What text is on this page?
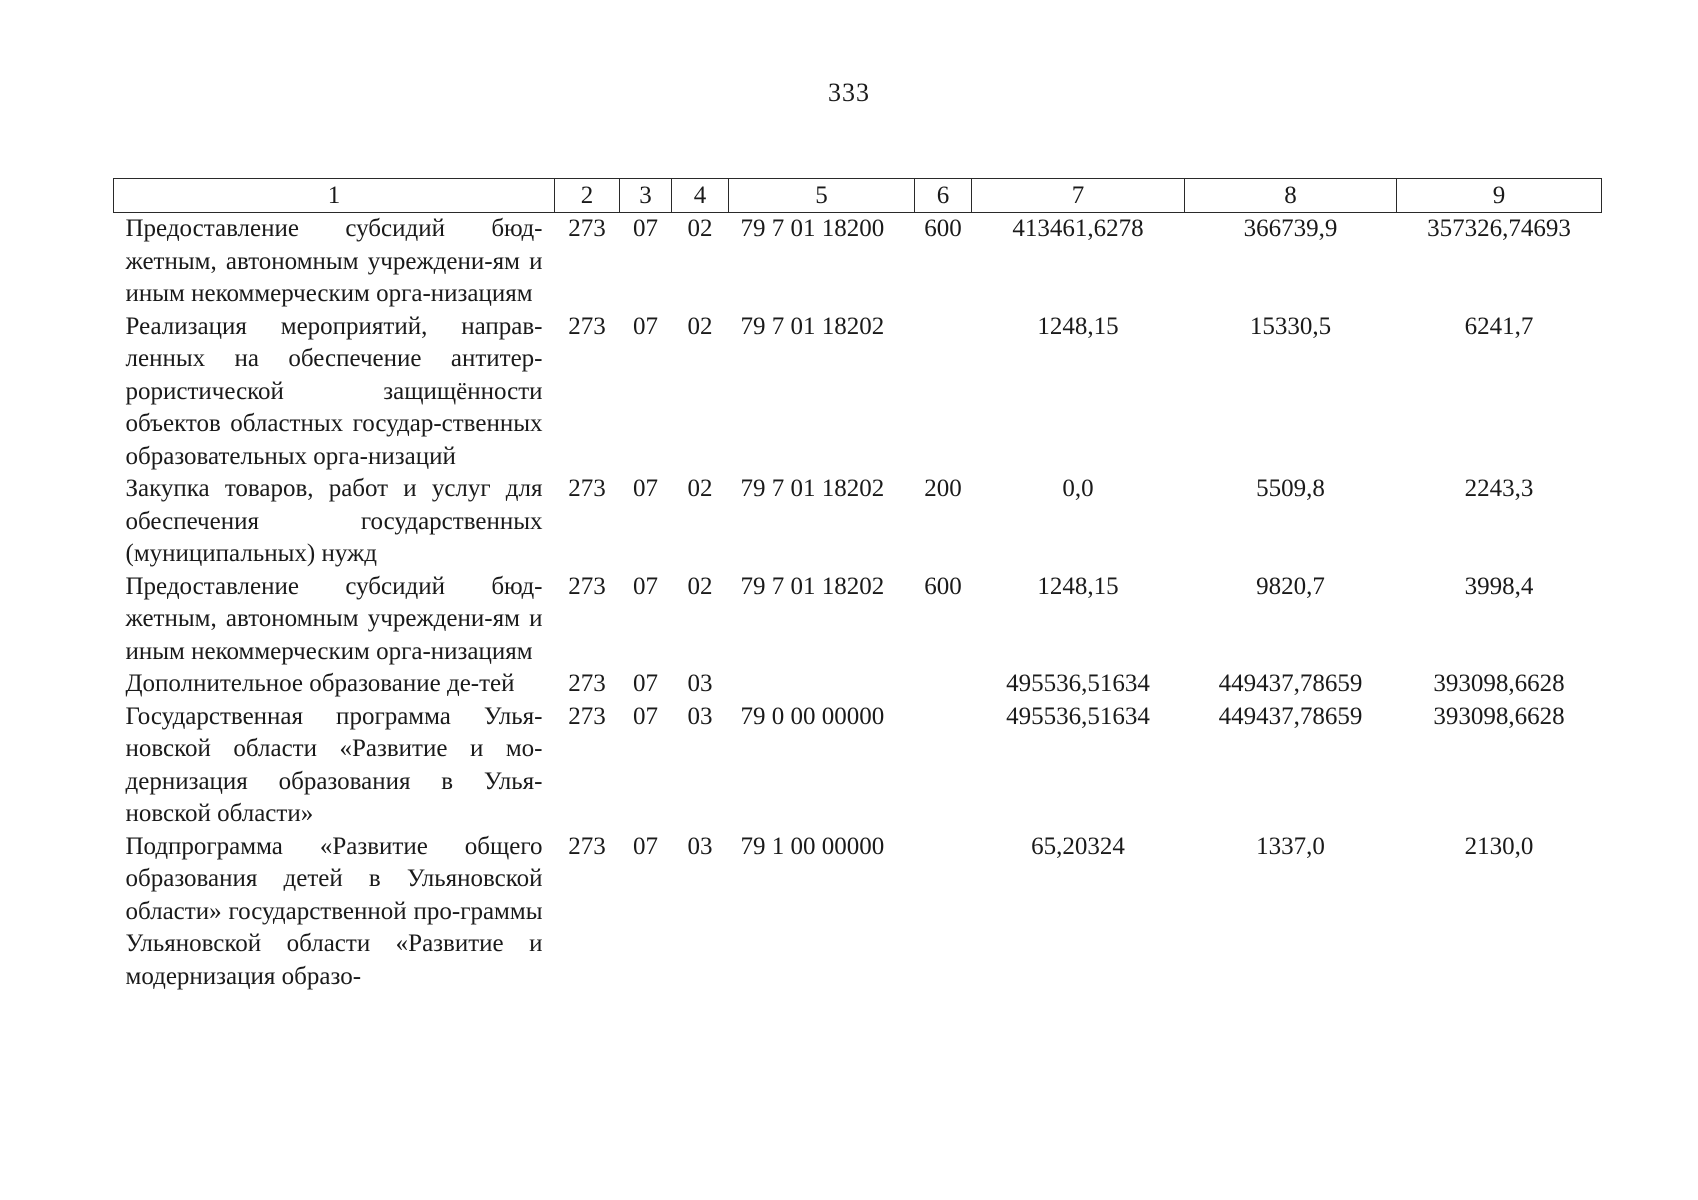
333
1	2	3	4	5	6	7	8	9
Предоставление субсидий бюд-жетным, автономным учреждени-ям и иным некоммерческим орга-низациям	273	07	02	79 7 01 18200	600	413461,6278	366739,9	357326,74693
Реализация мероприятий, направ-ленных на обеспечение антитер-рористической защищённости объектов областных государ-ственных образовательных орга-низаций	273	07	02	79 7 01 18202		1248,15	15330,5	6241,7
Закупка товаров, работ и услуг для обеспечения государственных (муниципальных) нужд	273	07	02	79 7 01 18202	200	0,0	5509,8	2243,3
Предоставление субсидий бюд-жетным, автономным учреждени-ям и иным некоммерческим орга-низациям	273	07	02	79 7 01 18202	600	1248,15	9820,7	3998,4
Дополнительное образование де-тей	273	07	03			495536,51634	449437,78659	393098,6628
Государственная программа Улья-новской области «Развитие и мо-дернизация образования в Улья-новской области»	273	07	03	79 0 00 00000		495536,51634	449437,78659	393098,6628
Подпрограмма «Развитие общего образования детей в Ульяновской области» государственной про-граммы Ульяновской области «Развитие и модернизация образо-	273	07	03	79 1 00 00000		65,20324	1337,0	2130,0
